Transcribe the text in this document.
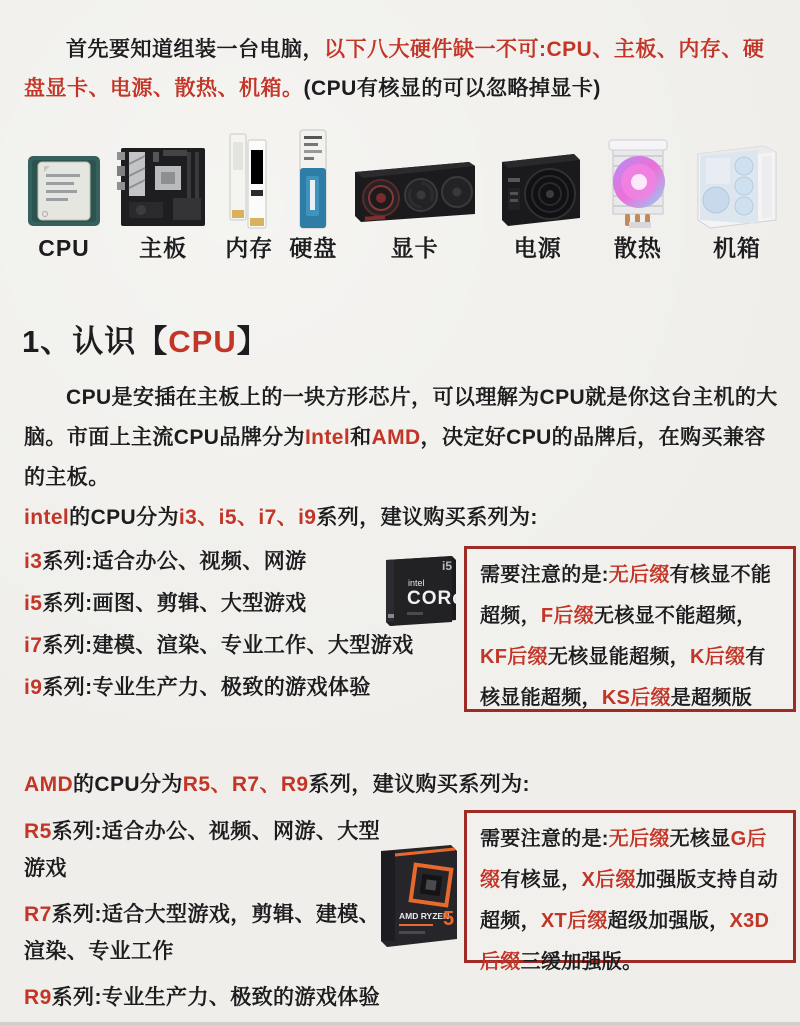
首先要知道组装一台电脑，以下八大硬件缺一不可:CPU、主板、内存、硬盘显卡、电源、散热、机箱。(CPU有核显的可以忽略掉显卡)
CPU 主板 内存 硬盘 显卡	电源 散热 机箱
1、认识【CPU】
CPU是安插在主板上的一块方形芯片，可以理解为CPU就是你这台主机的大脑。市面上主流CPU品牌分为Intel和AMD，决定好CPU的品牌后，在购买兼容的主板。
intel的CPU分为i3、i5、i7、i9系列，建议购买系列为:
i3系列:适合办公、视频、网游
i5系列:画图、剪辑、大型游戏
i7系列:建模、渲染、专业工作、大型游戏
i9系列:专业生产力、极致的游戏体验
i5
intel
CORe
需要注意的是:无后缀有核显不能超频，F后缀无核显不能超频，KF后缀无核显能超频，K后缀有核显能超频，KS后缀是超频版
AMD的CPU分为R5、R7、R9系列，建议购买系列为:
R5系列:适合办公、视频、网游、大型游戏
R7系列:适合大型游戏，剪辑、建模、渲染、专业工作
R9系列:专业生产力、极致的游戏体验
AMD RYZEN
5
需要注意的是:无后缀无核显G后缀有核显，X后缀加强版支持自动超频，XT后缀超级加强版，X3D后缀三缓加强版。
